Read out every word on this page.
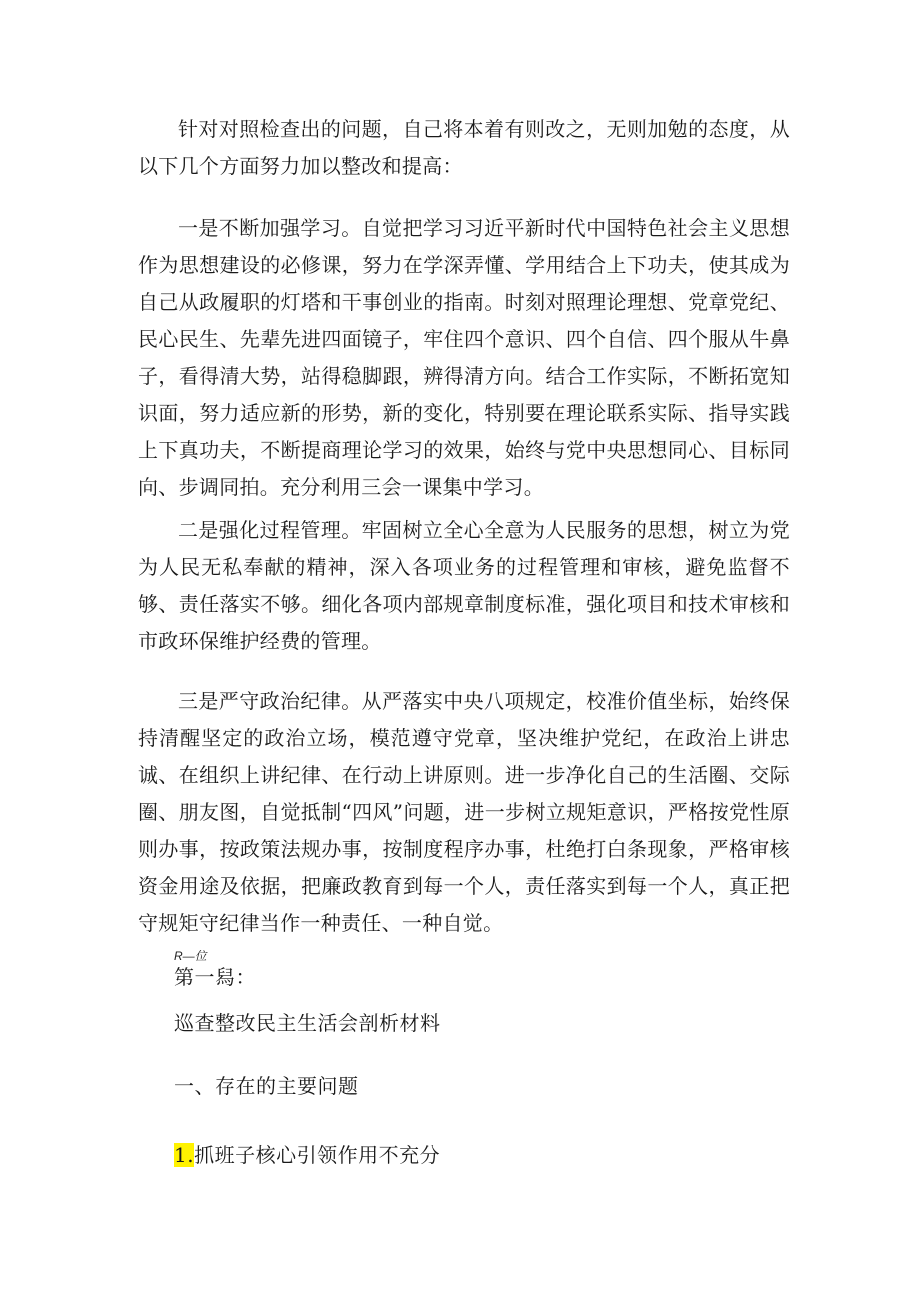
针对对照检查出的问题，自己将本着有则改之，无则加勉的态度，从以下几个方面努力加以整改和提高：

一是不断加强学习。自觉把学习习近平新时代中国特色社会主义思想作为思想建设的必修课，努力在学深弄懂、学用结合上下功夫，使其成为自己从政履职的灯塔和干事创业的指南。时刻对照理论理想、党章党纪、民心民生、先辈先进四面镜子，牢住四个意识、四个自信、四个服从牛鼻子，看得清大势，站得稳脚跟，辨得清方向。结合工作实际，不断拓宽知识面，努力适应新的形势，新的变化，特别要在理论联系实际、指导实践上下真功夫，不断提商理论学习的效果，始终与党中央思想同心、目标同向、步调同拍。充分利用三会一课集中学习。

二是强化过程管理。牢固树立全心全意为人民服务的思想，树立为党为人民无私奉献的精神，深入各项业务的过程管理和审核，避免监督不够、责任落实不够。细化各项内部规章制度标准，强化项目和技术审核和市政环保维护经费的管理。

三是严守政治纪律。从严落实中央八项规定，校准价值坐标，始终保持清醒坚定的政治立场，模范遵守党章，坚决维护党纪，在政治上讲忠诚、在组织上讲纪律、在行动上讲原则。进一步净化自己的生活圈、交际圈、朋友图，自觉抵制“四风”问题，进一步树立规矩意识，严格按党性原则办事，按政策法规办事，按制度程序办事，杜绝打白条现象，严格审核资金用途及依据，把廉政教育到每一个人，责任落实到每一个人，真正把守规矩守纪律当作一种责任、一种自觉。

R—位

第一舄：

巡查整改民主生活会剖析材料

一、存在的主要问题

1.抓班子核心引领作用不充分
